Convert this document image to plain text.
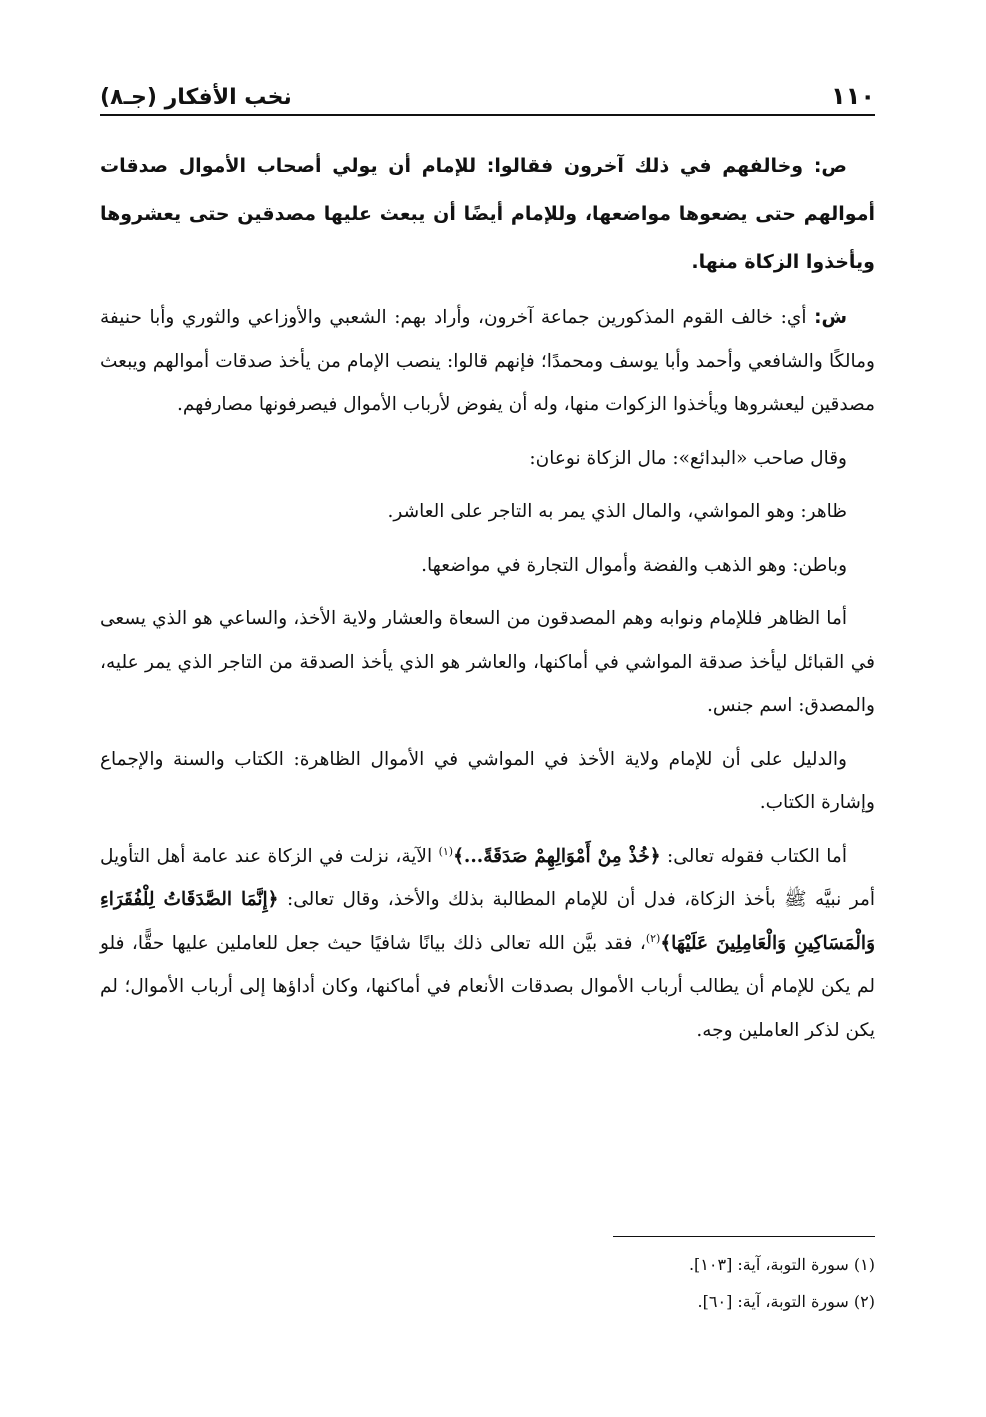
١١٠
نخب الأفكار (جـ٨)

ص: وخالفهم في ذلك آخرون فقالوا: للإمام أن يولي أصحاب الأموال صدقات أموالهم حتى يضعوها مواضعها، وللإمام أيضًا أن يبعث عليها مصدقين حتى يعشروها ويأخذوا الزكاة منها.

ش: أي: خالف القوم المذكورين جماعة آخرون، وأراد بهم: الشعبي والأوزاعي والثوري وأبا حنيفة ومالكًا والشافعي وأحمد وأبا يوسف ومحمدًا؛ فإنهم قالوا: ينصب الإمام من يأخذ صدقات أموالهم ويبعث مصدقين ليعشروها ويأخذوا الزكوات منها، وله أن يفوض لأرباب الأموال فيصرفونها مصارفهم.

وقال صاحب «البدائع»: مال الزكاة نوعان:

ظاهر: وهو المواشي، والمال الذي يمر به التاجر على العاشر.

وباطن: وهو الذهب والفضة وأموال التجارة في مواضعها.

أما الظاهر فللإمام ونوابه وهم المصدقون من السعاة والعشار ولاية الأخذ، والساعي هو الذي يسعى في القبائل ليأخذ صدقة المواشي في أماكنها، والعاشر هو الذي يأخذ الصدقة من التاجر الذي يمر عليه، والمصدق: اسم جنس.

والدليل على أن للإمام ولاية الأخذ في المواشي في الأموال الظاهرة: الكتاب والسنة والإجماع وإشارة الكتاب.

أما الكتاب فقوله تعالى: ﴿خُذْ مِنْ أَمْوَالِهِمْ صَدَقَةً...﴾$^{(١)}$ الآية، نزلت في الزكاة عند عامة أهل التأويل أمر نبيَّه ﷺ بأخذ الزكاة، فدل أن للإمام المطالبة بذلك والأخذ، وقال تعالى: ﴿إِنَّمَا الصَّدَقَاتُ لِلْفُقَرَاءِ وَالْمَسَاكِينِ وَالْعَامِلِينَ عَلَيْهَا﴾$^{(٢)}$، فقد بيَّن الله تعالى ذلك بيانًا شافيًا حيث جعل للعاملين عليها حقًّا، فلو لم يكن للإمام أن يطالب أرباب الأموال بصدقات الأنعام في أماكنها، وكان أداؤها إلى أرباب الأموال؛ لم يكن لذكر العاملين وجه.

(١) سورة التوبة، آية: [١٠٣].
(٢) سورة التوبة، آية: [٦٠].
